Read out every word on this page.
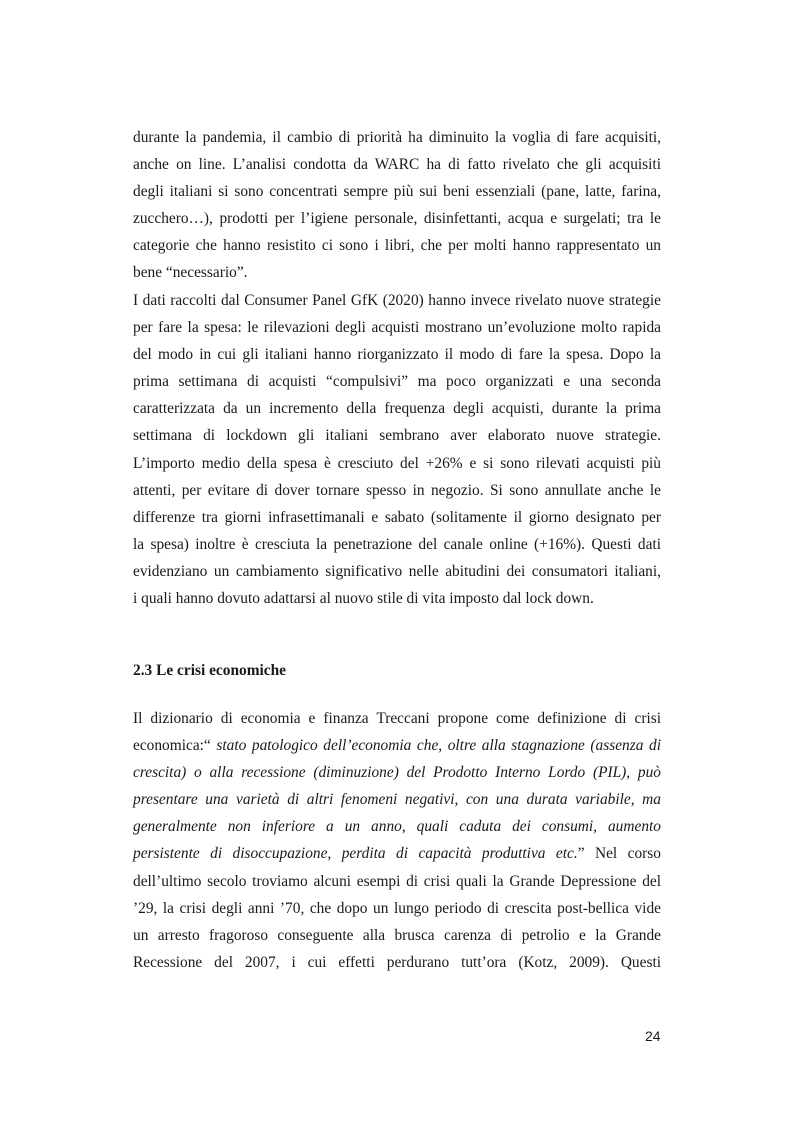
durante la pandemia, il cambio di priorità ha diminuito la voglia di fare acquisiti,
anche on line. L’analisi condotta da WARC ha di fatto rivelato che gli acquisiti
degli italiani si sono concentrati sempre più sui beni essenziali (pane, latte, farina,
zucchero…), prodotti per l’igiene personale, disinfettanti, acqua e surgelati; tra le
categorie che hanno resistito ci sono i libri, che per molti hanno rappresentato un
bene “necessario”.

I dati raccolti dal Consumer Panel GfK (2020) hanno invece rivelato nuove strategie
per fare la spesa: le rilevazioni degli acquisti mostrano un’evoluzione molto rapida
del modo in cui gli italiani hanno riorganizzato il modo di fare la spesa. Dopo la
prima settimana di acquisti “compulsivi” ma poco organizzati e una seconda
caratterizzata da un incremento della frequenza degli acquisti, durante la prima
settimana di lockdown gli italiani sembrano aver elaborato nuove strategie.
L’importo medio della spesa è cresciuto del +26% e si sono rilevati acquisti più
attenti, per evitare di dover tornare spesso in negozio. Si sono annullate anche le
differenze tra giorni infrasettimanali e sabato (solitamente il giorno designato per
la spesa) inoltre è cresciuta la penetrazione del canale online (+16%). Questi dati
evidenziano un cambiamento significativo nelle abitudini dei consumatori italiani,
i quali hanno dovuto adattarsi al nuovo stile di vita imposto dal lock down.

2.3 Le crisi economiche

Il dizionario di economia e finanza Treccani propone come definizione di crisi
economica:“ stato patologico dell’economia che, oltre alla stagnazione (assenza di
crescita) o alla recessione (diminuzione) del Prodotto Interno Lordo (PIL), può
presentare una varietà di altri fenomeni negativi, con una durata variabile, ma
generalmente non inferiore a un anno, quali caduta dei consumi, aumento
persistente di disoccupazione, perdita di capacità produttiva etc.” Nel corso
dell’ultimo secolo troviamo alcuni esempi di crisi quali la Grande Depressione del
’29, la crisi degli anni ’70, che dopo un lungo periodo di crescita post-bellica vide
un arresto fragoroso conseguente alla brusca carenza di petrolio e la Grande
Recessione del 2007, i cui effetti perdurano tutt’ora (Kotz, 2009). Questi

24
